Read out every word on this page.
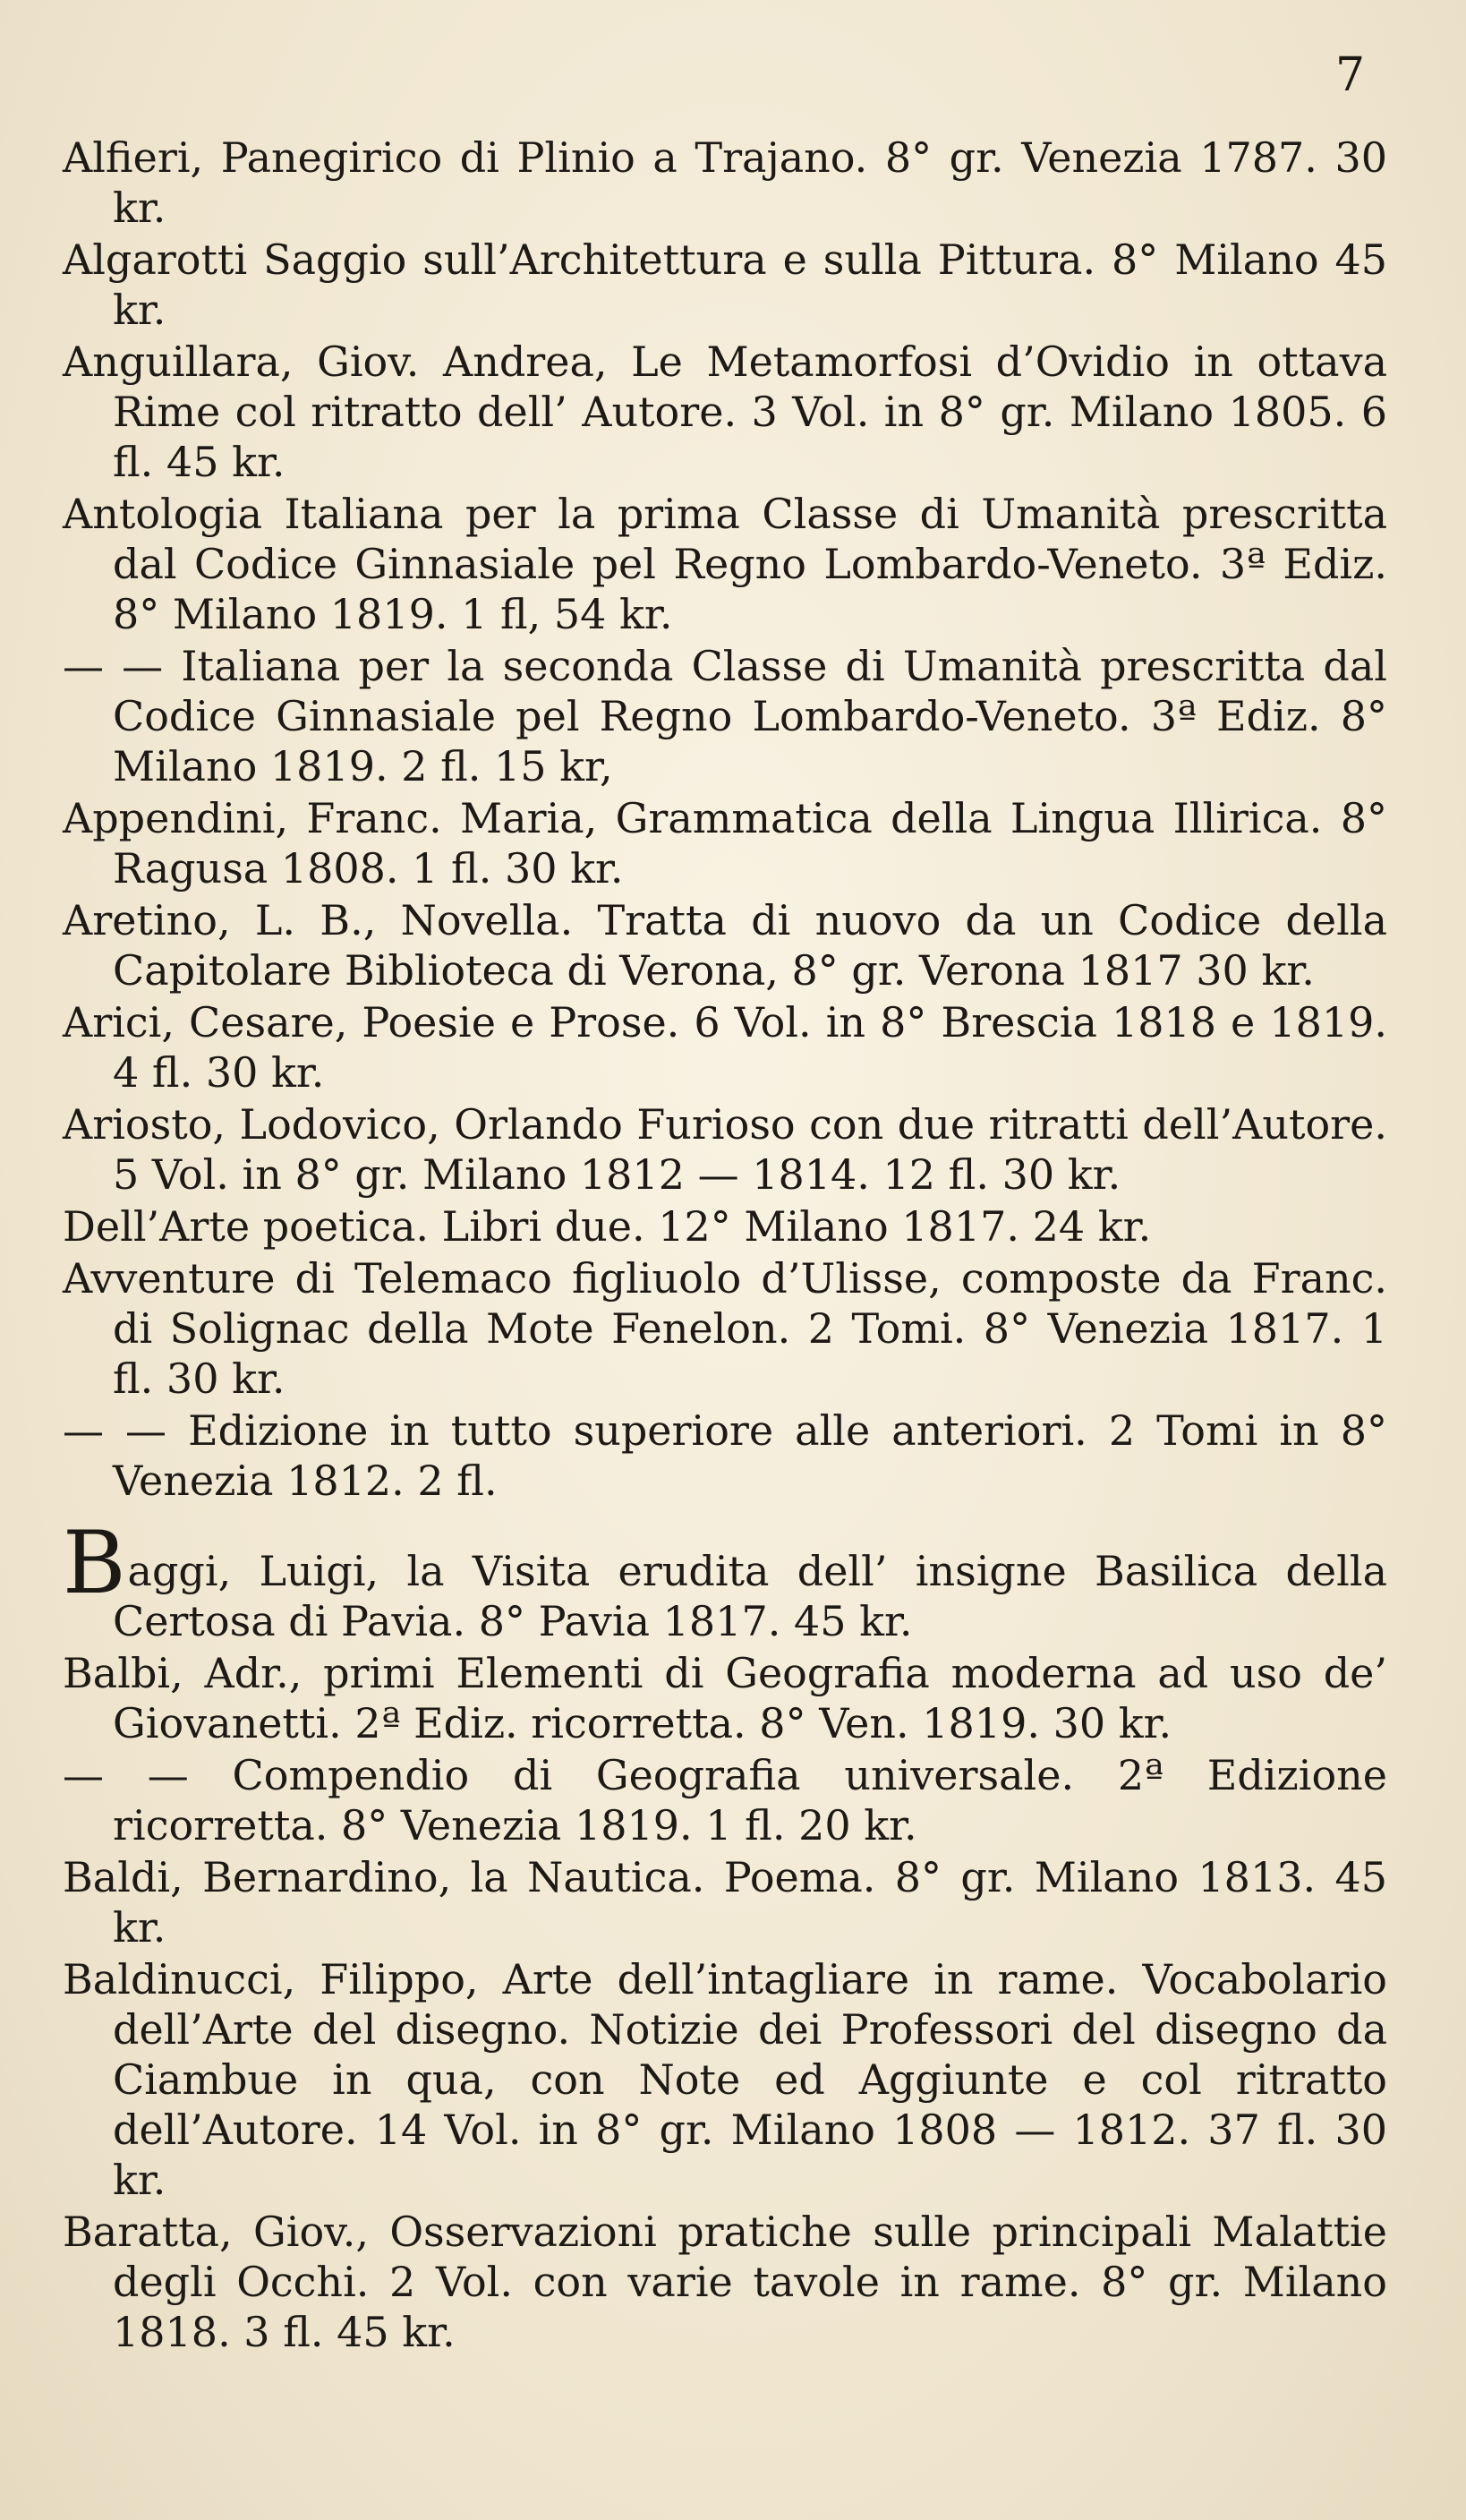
7

Alfieri, Panegirico di Plinio a Trajano. 8° gr. Venezia 1787. 30 kr.

Algarotti Saggio sull’Architettura e sulla Pittura. 8° Milano 45 kr.

Anguillara, Giov. Andrea, Le Metamorfosi d’Ovidio in ottava Rime col ritratto dell’ Autore. 3 Vol. in 8° gr. Milano 1805. 6 fl. 45 kr.

Antologia Italiana per la prima Classe di Umanità prescritta dal Codice Ginnasiale pel Regno Lombardo-Veneto. 3ª Ediz. 8° Milano 1819. 1 fl, 54 kr.

— — Italiana per la seconda Classe di Umanità prescritta dal Codice Ginnasiale pel Regno Lombardo-Veneto. 3ª Ediz. 8° Milano 1819. 2 fl. 15 kr,

Appendini, Franc. Maria, Grammatica della Lingua Illirica. 8° Ragusa 1808. 1 fl. 30 kr.

Aretino, L. B., Novella. Tratta di nuovo da un Codice della Capitolare Biblioteca di Verona, 8° gr. Verona 1817 30 kr.

Arici, Cesare, Poesie e Prose. 6 Vol. in 8° Brescia 1818 e 1819. 4 fl. 30 kr.

Ariosto, Lodovico, Orlando Furioso con due ritratti dell’Autore. 5 Vol. in 8° gr. Milano 1812 — 1814. 12 fl. 30 kr.

Dell’Arte poetica. Libri due. 12° Milano 1817. 24 kr.

Avventure di Telemaco figliuolo d’Ulisse, composte da Franc. di Solignac della Mote Fenelon. 2 Tomi. 8° Venezia 1817. 1 fl. 30 kr.

— — Edizione in tutto superiore alle anteriori. 2 Tomi in 8° Venezia 1812. 2 fl.

Baggi, Luigi, la Visita erudita dell’ insigne Basilica della Certosa di Pavia. 8° Pavia 1817. 45 kr.

Balbi, Adr., primi Elementi di Geografia moderna ad uso de’ Giovanetti. 2ª Ediz. ricorretta. 8° Ven. 1819. 30 kr.

— — Compendio di Geografia universale. 2ª Edizione ricorretta. 8° Venezia 1819. 1 fl. 20 kr.

Baldi, Bernardino, la Nautica. Poema. 8° gr. Milano 1813. 45 kr.

Baldinucci, Filippo, Arte dell’intagliare in rame. Vocabolario dell’Arte del disegno. Notizie dei Professori del disegno da Ciambue in qua, con Note ed Aggiunte e col ritratto dell’Autore. 14 Vol. in 8° gr. Milano 1808 — 1812. 37 fl. 30 kr.

Baratta, Giov., Osservazioni pratiche sulle principali Malattie degli Occhi. 2 Vol. con varie tavole in rame. 8° gr. Milano 1818. 3 fl. 45 kr.
